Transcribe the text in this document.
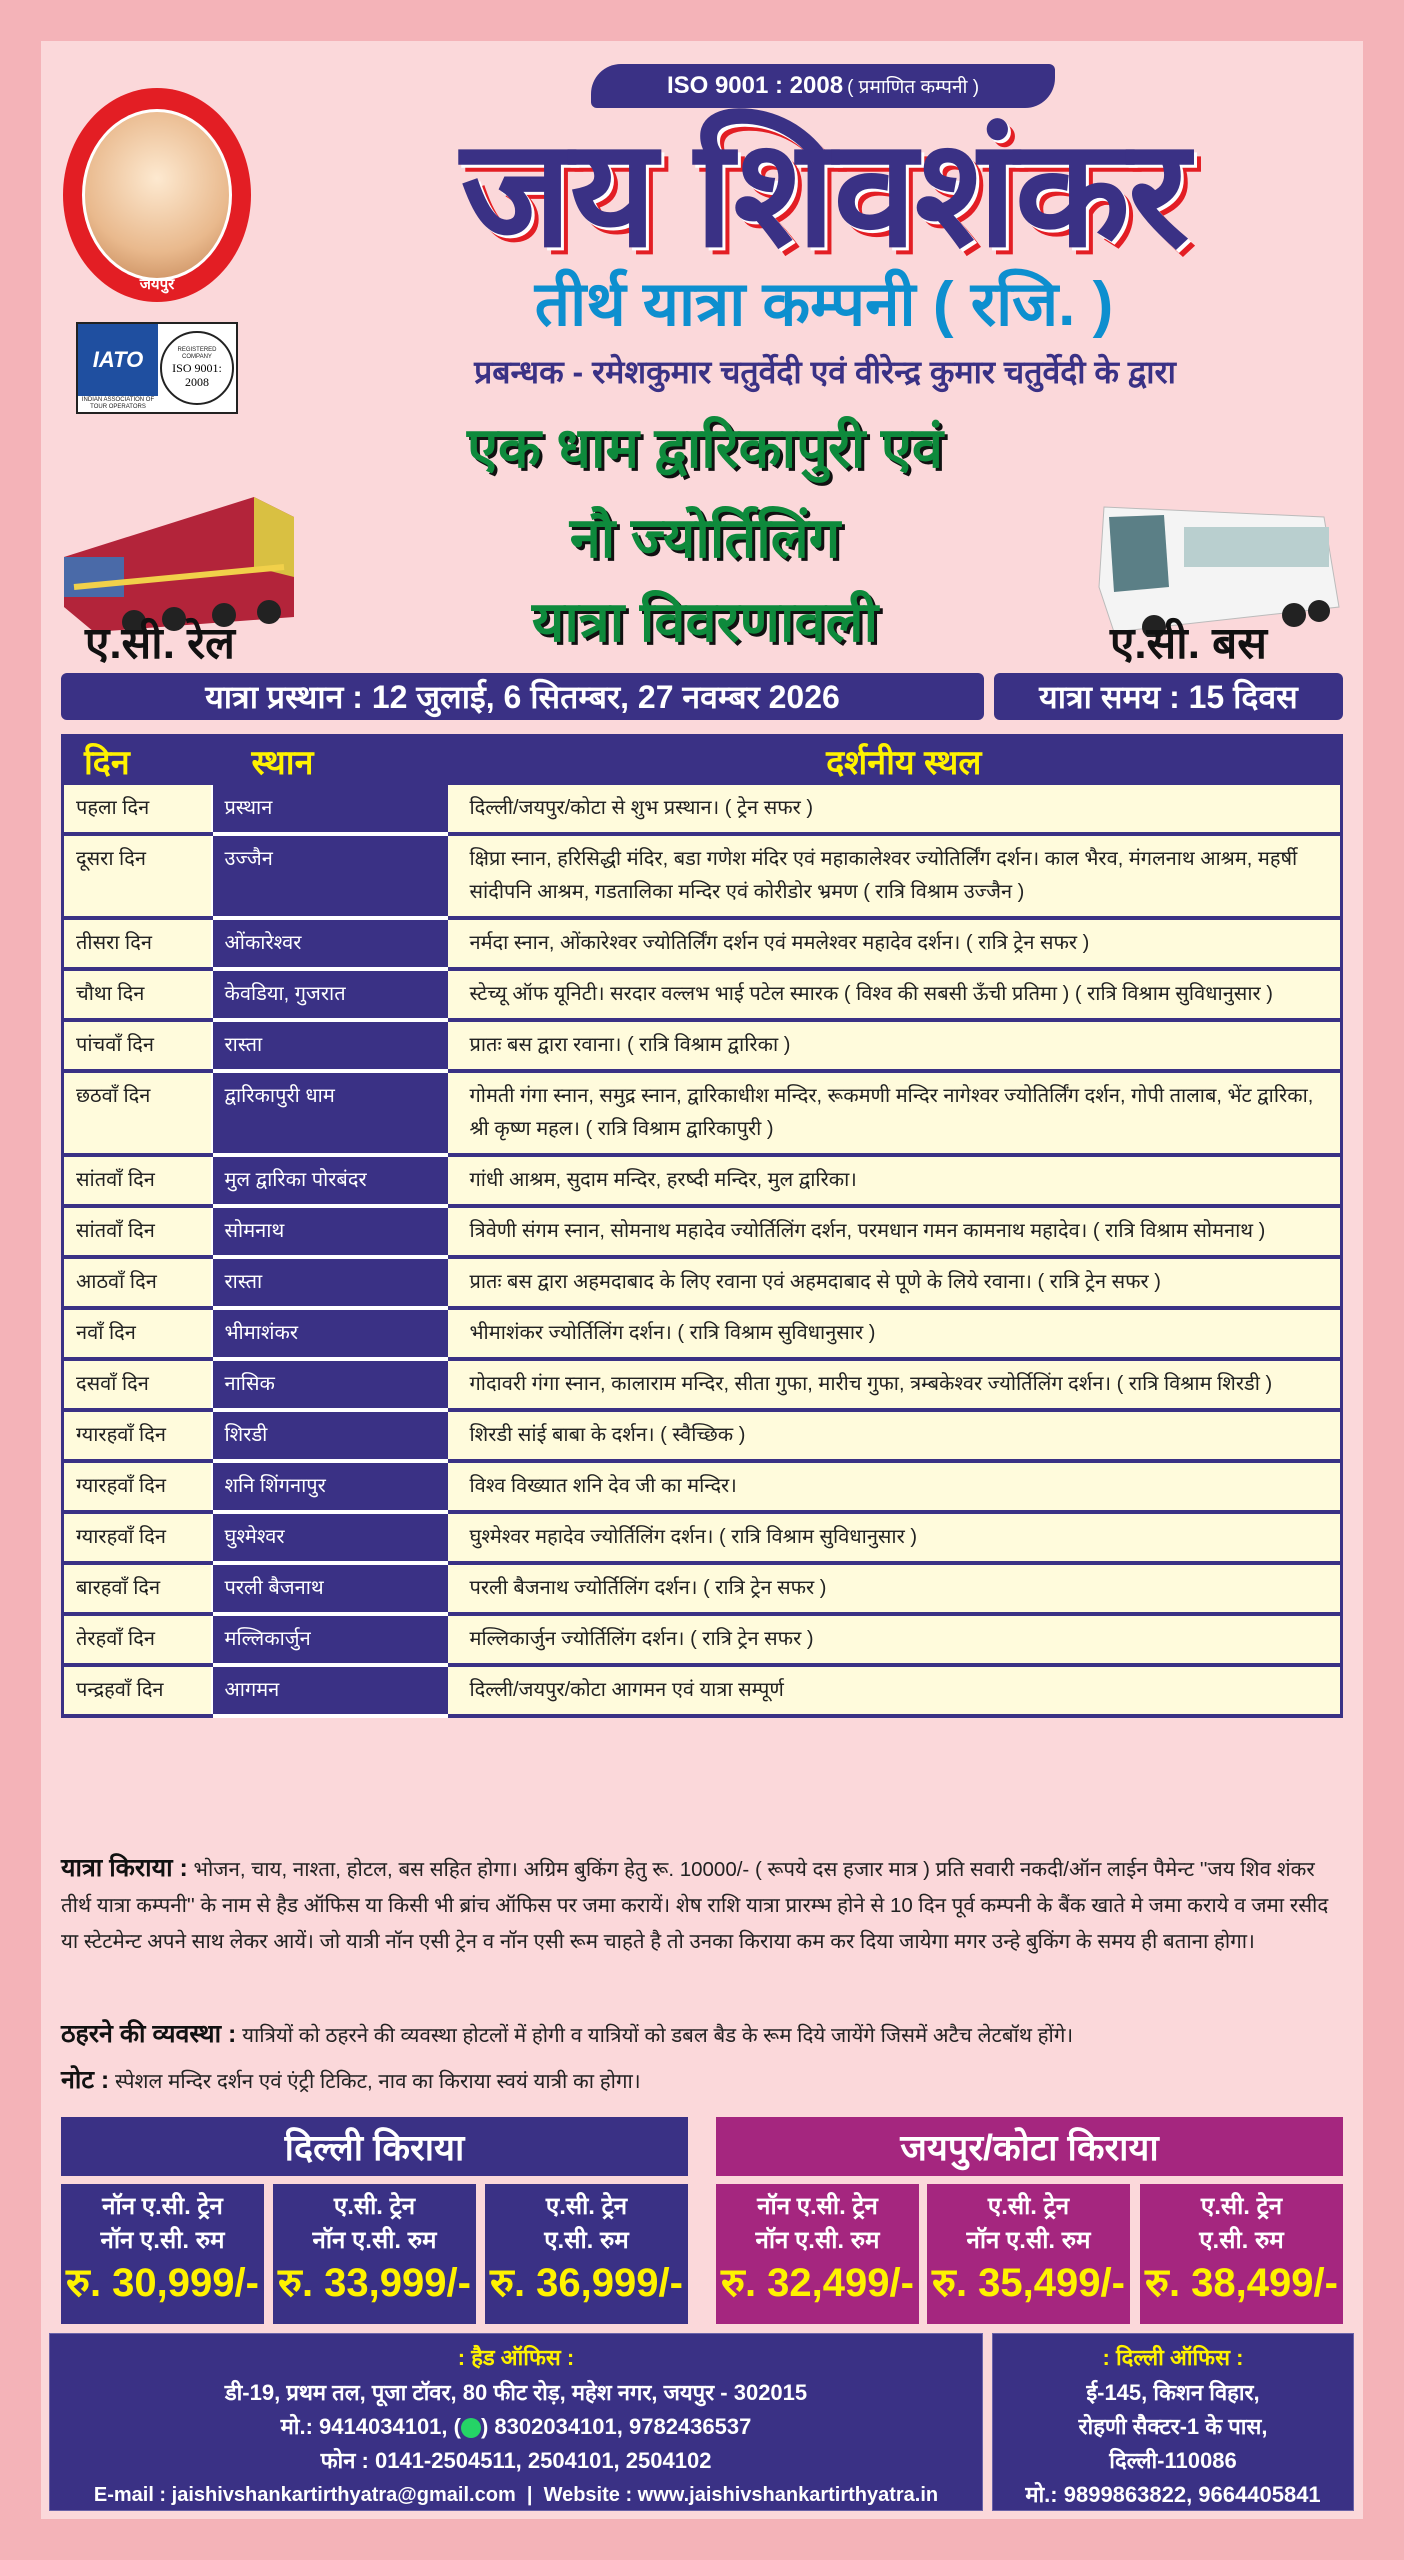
ISO 9001 : 2008 ( प्रमाणित कम्पनी )
जयपुर
IATO
INDIAN ASSOCIATION OF TOUR OPERATORS
REGISTERED COMPANY
ISO 9001: 2008
जय शिवशंकर
तीर्थ यात्रा कम्पनी ( रजि. )
प्रबन्धक - रमेशकुमार चतुर्वेदी एवं वीरेन्द्र कुमार चतुर्वेदी के द्वारा
एक धाम द्वारिकापुरी एवं
नौ ज्योर्तिलिंग
यात्रा विवरणावली
ए.सी. रेल	ए.सी. बस
यात्रा प्रस्थान : 12 जुलाई, 6 सितम्बर, 27 नवम्बर 2026	यात्रा समय : 15 दिवस
दिन	स्थान	दर्शनीय स्थल
पहला दिन	प्रस्थान	दिल्ली/जयपुर/कोटा से शुभ प्रस्थान। ( ट्रेन सफर )
दूसरा दिन	उज्जैन	क्षिप्रा स्नान, हरिसिद्धी मंदिर, बडा गणेश मंदिर एवं महाकालेश्वर ज्योतिर्लिंग दर्शन। काल भैरव, मंगलनाथ आश्रम, महर्षी सांदीपनि आश्रम, गडतालिका मन्दिर एवं कोरीडोर भ्रमण ( रात्रि विश्राम उज्जैन )
तीसरा दिन	ओंकारेश्वर	नर्मदा स्नान, ओंकारेश्वर ज्योतिर्लिंग दर्शन एवं ममलेश्वर महादेव दर्शन। ( रात्रि ट्रेन सफर )
चौथा दिन	केवडिया, गुजरात	स्टेच्यू ऑफ यूनिटी। सरदार वल्लभ भाई पटेल स्मारक ( विश्व की सबसी ऊँची प्रतिमा ) ( रात्रि विश्राम सुविधानुसार )
पांचवाँ दिन	रास्ता	प्रातः बस द्वारा रवाना। ( रात्रि विश्राम द्वारिका )
छठवाँ दिन	द्वारिकापुरी धाम	गोमती गंगा स्नान, समुद्र स्नान, द्वारिकाधीश मन्दिर, रूकमणी मन्दिर नागेश्वर ज्योतिर्लिंग दर्शन, गोपी तालाब, भेंट द्वारिका, श्री कृष्ण महल। ( रात्रि विश्राम द्वारिकापुरी )
सांतवाँ दिन	मुल द्वारिका पोरबंदर	गांधी आश्रम, सुदाम मन्दिर, हरष्दी मन्दिर, मुल द्वारिका।
सांतवाँ दिन	सोमनाथ	त्रिवेणी संगम स्नान, सोमनाथ महादेव ज्योर्तिलिंग दर्शन, परमधान गमन कामनाथ महादेव। ( रात्रि विश्राम सोमनाथ )
आठवाँ दिन	रास्ता	प्रातः बस द्वारा अहमदाबाद के लिए रवाना एवं अहमदाबाद से पूणे के लिये रवाना। ( रात्रि ट्रेन सफर )
नवाँ दिन	भीमाशंकर	भीमाशंकर ज्योर्तिलिंग दर्शन। ( रात्रि विश्राम सुविधानुसार )
दसवाँ दिन	नासिक	गोदावरी गंगा स्नान, कालाराम मन्दिर, सीता गुफा, मारीच गुफा, त्रम्बकेश्वर ज्योर्तिलिंग दर्शन। ( रात्रि विश्राम शिरडी )
ग्यारहवाँ दिन	शिरडी	शिरडी सांई बाबा के दर्शन। ( स्वैच्छिक )
ग्यारहवाँ दिन	शनि शिंगनापुर	विश्व विख्यात शनि देव जी का मन्दिर।
ग्यारहवाँ दिन	घुश्मेश्वर	घुश्मेश्वर महादेव ज्योर्तिलिंग दर्शन। ( रात्रि विश्राम सुविधानुसार )
बारहवाँ दिन	परली बैजनाथ	परली बैजनाथ ज्योर्तिलिंग दर्शन। ( रात्रि ट्रेन सफर )
तेरहवाँ दिन	मल्लिकार्जुन	मल्लिकार्जुन ज्योर्तिलिंग दर्शन। ( रात्रि ट्रेन सफर )
पन्द्रहवाँ दिन	आगमन	दिल्ली/जयपुर/कोटा आगमन एवं यात्रा सम्पूर्ण
यात्रा किराया : भोजन, चाय, नाश्ता, होटल, बस सहित होगा। अग्रिम बुकिंग हेतु रू. 10000/- ( रूपये दस हजार मात्र ) प्रति सवारी नकदी/ऑन लाईन पैमेन्ट ''जय शिव शंकर तीर्थ यात्रा कम्पनी'' के नाम से हैड ऑफिस या किसी भी ब्रांच ऑफिस पर जमा करायें। शेष राशि यात्रा प्रारम्भ होने से 10 दिन पूर्व कम्पनी के बैंक खाते मे जमा कराये व जमा रसीद या स्टेटमेन्ट अपने साथ लेकर आयें। जो यात्री नॉन एसी ट्रेन व नॉन एसी रूम चाहते है तो उनका किराया कम कर दिया जायेगा मगर उन्हे बुकिंग के समय ही बताना होगा।
ठहरने की व्यवस्था : यात्रियों को ठहरने की व्यवस्था होटलों में होगी व यात्रियों को डबल बैड के रूम दिये जायेंगे जिसमें अटैच लेटबॉथ होंगे।
नोट : स्पेशल मन्दिर दर्शन एवं एंट्री टिकिट, नाव का किराया स्वयं यात्री का होगा।
दिल्ली किराया	जयपुर/कोटा किराया
नॉन ए.सी. ट्रेन
नॉन ए.सी. रुम
रु. 30,999/-
ए.सी. ट्रेन
नॉन ए.सी. रुम
रु. 33,999/-
ए.सी. ट्रेन
ए.सी. रुम
रु. 36,999/-
नॉन ए.सी. ट्रेन
नॉन ए.सी. रुम
रु. 32,499/-
ए.सी. ट्रेन
नॉन ए.सी. रुम
रु. 35,499/-
ए.सी. ट्रेन
ए.सी. रुम
रु. 38,499/-
: हैड ऑफिस :
डी-19, प्रथम तल, पूजा टॉवर, 80 फीट रोड़, महेश नगर, जयपुर - 302015
मो.: 9414034101, ( ) 8302034101, 9782436537
फोन : 0141-2504511, 2504101, 2504102
E-mail : jaishivshankartirthyatra@gmail.com  |  Website : www.jaishivshankartirthyatra.in
: दिल्ली ऑफिस :
ई-145, किशन विहार,
रोहणी सैक्टर-1 के पास,
दिल्ली-110086
मो.: 9899863822, 9664405841
